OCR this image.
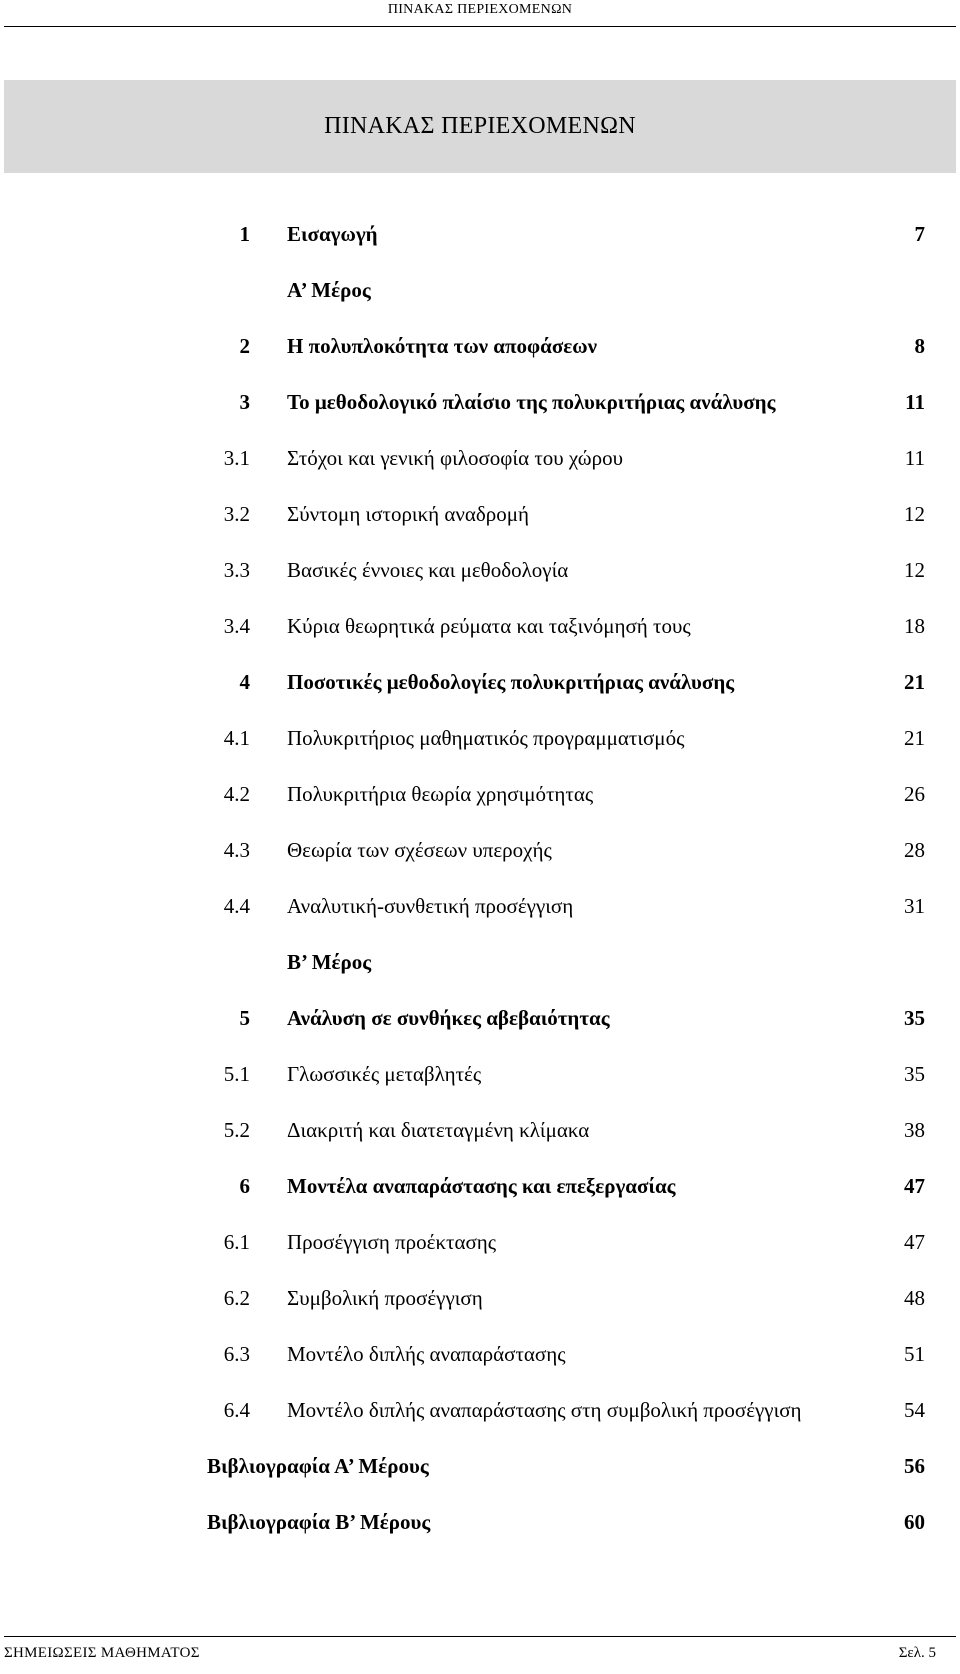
ΠΙΝΑΚΑΣ ΠΕΡΙΕΧΟΜΕΝΩΝ
ΠΙΝΑΚΑΣ ΠΕΡΙΕΧΟΜΕΝΩΝ
1 Εισαγωγή	7
Α’ Μέρος
2 Η πολυπλοκότητα των αποφάσεων	8
3 Το μεθοδολογικό πλαίσιο της πολυκριτήριας ανάλυσης	11
3.1 Στόχοι και γενική φιλοσοφία του χώρου	11
3.2 Σύντομη ιστορική αναδρομή	12
3.3 Βασικές έννοιες και μεθοδολογία	12
3.4 Κύρια θεωρητικά ρεύματα και ταξινόμησή τους	18
4 Ποσοτικές μεθοδολογίες πολυκριτήριας ανάλυσης	21
4.1 Πολυκριτήριος μαθηματικός προγραμματισμός	21
4.2 Πολυκριτήρια θεωρία χρησιμότητας	26
4.3 Θεωρία των σχέσεων υπεροχής	28
4.4 Αναλυτική-συνθετική προσέγγιση	31
Β’ Μέρος
5 Ανάλυση σε συνθήκες αβεβαιότητας	35
5.1 Γλωσσικές μεταβλητές	35
5.2 Διακριτή και διατεταγμένη κλίμακα	38
6 Μοντέλα αναπαράστασης και επεξεργασίας	47
6.1 Προσέγγιση προέκτασης	47
6.2 Συμβολική προσέγγιση	48
6.3 Μοντέλο διπλής αναπαράστασης	51
6.4 Μοντέλο διπλής αναπαράστασης στη συμβολική προσέγγιση	54
Βιβλιογραφία Α’ Μέρους	56
Βιβλιογραφία Β’ Μέρους	60
ΣΗΜΕΙΩΣΕΙΣ ΜΑΘΗΜΑΤΟΣ	Σελ. 5
